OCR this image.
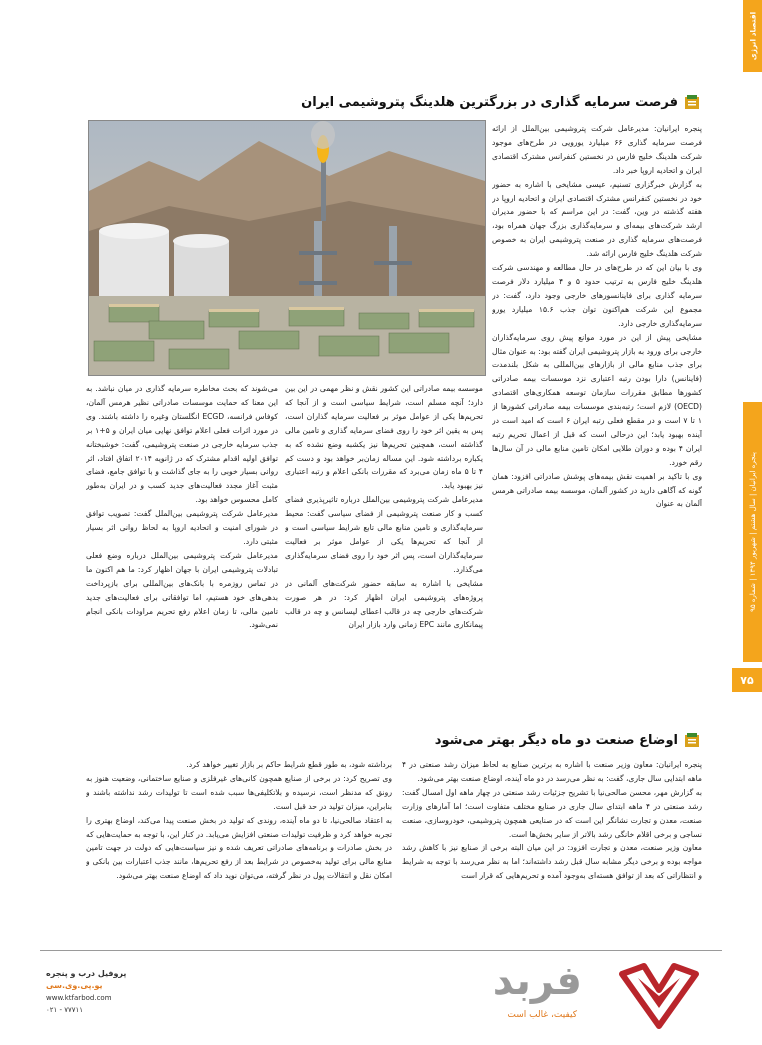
اقتصاد انرژی
پنجره ایرانیان | سال هشتم | شهریور ۱۳۹۴ | شماره ۹۵
۷۵
فرصت سرمایه گذاری در بزرگترین هلدینگ پتروشیمی ایران

پنجره ایرانیان: مدیرعامل شرکت پتروشیمی بین‌الملل از ارائه فرصت سرمایه گذاری ۶۶ میلیارد یورویی در طرح‌های موجود شرکت هلدینگ خلیج فارس در نخستین کنفرانس مشترک اقتصادی ایران و اتحادیه اروپا خبر داد.

به گزارش خبرگزاری تسنیم، عیسی مشایخی با اشاره به حضور خود در نخستین کنفرانس مشترک اقتصادی ایران و اتحادیه اروپا در هفته گذشته در وین، گفت: در این مراسم که با حضور مدیران ارشد شرکت‌های بیمه‌ای و سرمایه‌گذاری بزرگ جهان همراه بود، فرصت‌های سرمایه گذاری در صنعت پتروشیمی ایران به خصوص شرکت هلدینگ خلیج فارس ارائه شد.

وی با بیان این که در طرح‌های در حال مطالعه و مهندسی شرکت هلدینگ خلیج فارس به ترتیب حدود ۵ و ۴ میلیارد دلار فرصت سرمایه گذاری برای فاینانسورهای خارجی وجود دارد، گفت: در مجموع این شرکت هم‌اکنون توان جذب ۱۵.۶ میلیارد یورو سرمایه‌گذاری خارجی دارد.

مشایخی پیش از این در مورد موانع پیش روی سرمایه‌گذاران خارجی برای ورود به بازار پتروشیمی ایران گفته بود: به عنوان مثال برای جذب منابع مالی از بازارهای بین‌المللی به شکل بلندمدت (فاینانس) دارا بودن رتبه اعتباری نزد موسسات بیمه صادراتی کشورها مطابق مقررات سازمان توسعه همکاری‌های اقتصادی (OECD) لازم است؛ رتبه‌بندی موسسات بیمه صادراتی کشورها از ۱ تا ۷ است و در مقطع فعلی رتبه ایران ۶ است که امید است در آینده بهبود یابد؛ این درحالی است که قبل از اعمال تحریم رتبه ایران ۴ بوده و دوران طلایی امکان تامین منابع مالی در آن سال‌ها رقم خورد.

وی با تاکید بر اهمیت نقش بیمه‌های پوشش صادراتی افزود: همان گونه که آگاهی دارید در کشور آلمان، موسسه بیمه صادراتی هرمس آلمان به عنوان

موسسه بیمه صادراتی این کشور نقش و نظر مهمی در این بین دارد؛ آنچه مسلم است، شرایط سیاسی است و از آنجا که تحریم‌ها یکی از عوامل موثر بر فعالیت سرمایه گذاران است، پس به یقین اثر خود را روی فضای سرمایه گذاری و تامین مالی گذاشته است، همچنین تحریم‌ها نیز یکشبه وضع نشده که به یکباره برداشته شود. این مساله زمان‌بر خواهد بود و دست کم ۴ تا ۵ ماه زمان می‌برد که مقررات بانکی اعلام و رتبه اعتباری نیز بهبود یابد.

مدیرعامل شرکت پتروشیمی بین‌الملل درباره تاثیرپذیری فضای کسب و کار صنعت پتروشیمی از فضای سیاسی گفت: محیط سرمایه‌گذاری و تامین منابع مالی تابع شرایط سیاسی است و از آنجا که تحریم‌ها یکی از عوامل موثر بر فعالیت سرمایه‌گذاران است، پس اثر خود را روی فضای سرمایه‌گذاری می‌گذارد.

مشایخی با اشاره به سابقه حضور شرکت‌های آلمانی در پروژه‌های پتروشیمی ایران اظهار کرد: در هر صورت شرکت‌های خارجی چه در قالب اعطای لیسانس و چه در قالب پیمانکاری مانند EPC زمانی وارد بازار ایران

می‌شوند که بحث مخاطره سرمایه گذاری در میان نباشد. به این معنا که حمایت موسسات صادراتی نظیر هرمس آلمان، کوفاس فرانسه، ECGD انگلستان وغیره را داشته باشند. وی در مورد اثرات فعلی اعلام توافق نهایی میان ایران و ۵+۱ بر جذب سرمایه خارجی در صنعت پتروشیمی، گفت: خوشبختانه توافق اولیه اقدام مشترک که در ژانویه ۲۰۱۴ اتفاق افتاد، اثر روانی بسیار خوبی را به جای گذاشت و با توافق جامع، فضای مثبت آغاز مجدد فعالیت‌های جدید کسب و در ایران به‌طور کامل محسوس خواهد بود.

مدیرعامل شرکت پتروشیمی بین‌الملل گفت: تصویب توافق در شورای امنیت و اتحادیه اروپا به لحاظ روانی اثر بسیار مثبتی دارد.

مدیرعامل شرکت پتروشیمی بین‌الملل درباره وضع فعلی تبادلات پتروشیمی ایران با جهان اظهار کرد: ما هم اکنون ما در تماس روزمره با بانک‌های بین‌المللی برای بازپرداخت بدهی‌های خود هستیم، اما توافقاتی برای فعالیت‌های جدید تامین مالی، تا زمان اعلام رفع تحریم مراودات بانکی انجام نمی‌شود.

اوضاع صنعت دو ماه دیگر بهتر می‌شود

پنجره ایرانیان: معاون وزیر صنعت با اشاره به برترین صنایع به لحاظ میزان رشد صنعتی در ۴ ماهه ابتدایی سال جاری، گفت: به نظر می‌رسد در دو ماه آینده، اوضاع صنعت بهتر می‌شود.

به گزارش مهر، محسن صالحی‌نیا با تشریح جزئیات رشد صنعتی در چهار ماهه اول امسال گفت: رشد صنعتی در ۴ ماهه ابتدای سال جاری در صنایع مختلف متفاوت است؛ اما آمارهای وزارت صنعت، معدن و تجارت نشانگر این است که در صنایعی همچون پتروشیمی، خودروسازی، صنعت نساجی و برخی اقلام خانگی رشد بالاتر از سایر بخش‌ها است.

معاون وزیر صنعت، معدن و تجارت افزود: در این میان البته برخی از صنایع نیز با کاهش رشد مواجه بوده و برخی دیگر مشابه سال قبل رشد داشته‌اند؛ اما به نظر می‌رسد با توجه به شرایط و انتظاراتی که بعد از توافق هسته‌ای به‌وجود آمده و تحریم‌هایی که قرار است

برداشته شود، به طور قطع شرایط حاکم بر بازار تغییر خواهد کرد.

وی تصریح کرد: در برخی از صنایع همچون کانی‌های غیرفلزی و صنایع ساختمانی، وضعیت هنوز به رونق که مدنظر است، نرسیده و بلاتکلیفی‌ها سبب شده است تا تولیدات رشد نداشته باشند و بنابراین، میزان تولید در حد قبل است.

به اعتقاد صالحی‌نیا، تا دو ماه آینده، روندی که تولید در بخش صنعت پیدا می‌کند، اوضاع بهتری را تجربه خواهد کرد و ظرفیت تولیدات صنعتی افزایش می‌یابد. در کنار این، با توجه به حمایت‌هایی که در بخش صادرات و برنامه‌های صادراتی تعریف شده و نیز سیاست‌هایی که دولت در جهت تامین منابع مالی برای تولید به‌خصوص در شرایط بعد از رفع تحریم‌ها، مانند جذب اعتبارات بین بانکی و امکان نقل و انتقالات پول در نظر گرفته، می‌توان نوید داد که اوضاع صنعت بهتر می‌شود.

فربد
کیفیت، غالب است
پروفیل درب و پنجره
یو.پی.وی.سی
www.ktfarbod.com
۰۲۱ - ۷۷۷۱۱
